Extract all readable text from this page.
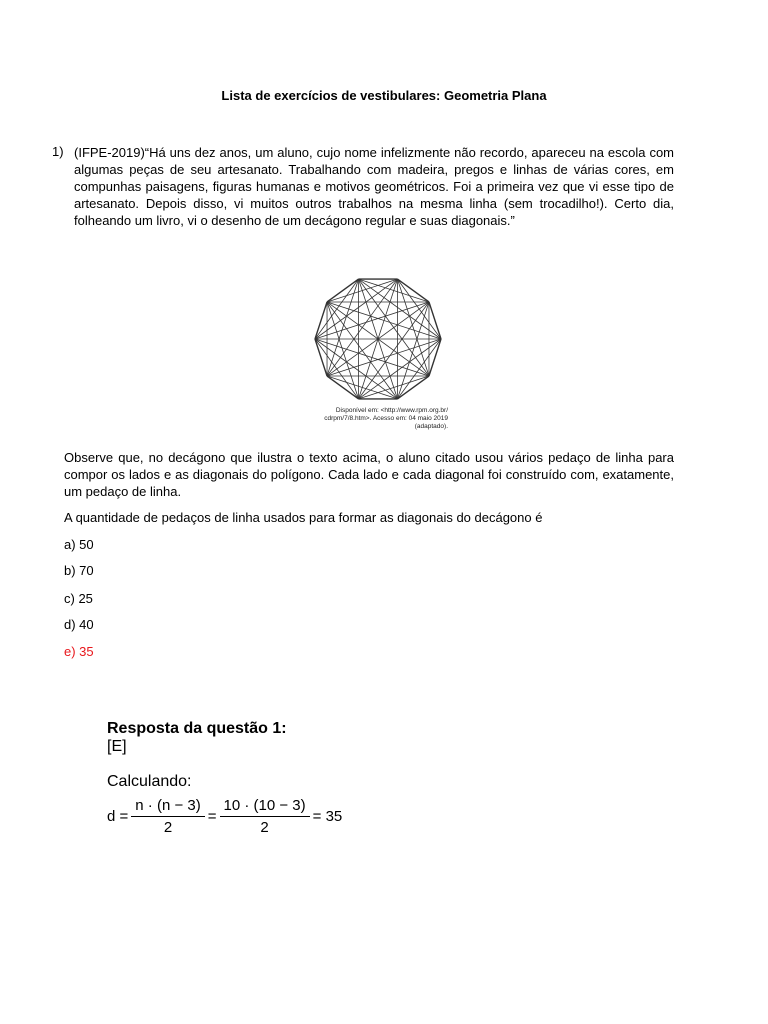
Lista de exercícios de vestibulares: Geometria Plana
1) (IFPE-2019)“Há uns dez anos, um aluno, cujo nome infelizmente não recordo, apareceu na escola com algumas peças de seu artesanato. Trabalhando com madeira, pregos e linhas de várias cores, em compunhas paisagens, figuras humanas e motivos geométricos. Foi a primeira vez que vi esse tipo de artesanato. Depois disso, vi muitos outros trabalhos na mesma linha (sem trocadilho!). Certo dia, folheando um livro, vi o desenho de um decágono regular e suas diagonais.”
Disponível em: <http://www.rpm.org.br/ cdrpm/7/8.htm>. Acesso em: 04 maio 2019 (adaptado).
Observe que, no decágono que ilustra o texto acima, o aluno citado usou vários pedaço de linha para compor os lados e as diagonais do polígono. Cada lado e cada diagonal foi construído com, exatamente, um pedaço de linha.
A quantidade de pedaços de linha usados para formar as diagonais do decágono é
a) 50
b) 70
c) 25
d) 40
e) 35
Resposta da questão 1:
[E]
Calculando:
$d = \frac{n \cdot (n - 3)}{2} = \frac{10 \cdot (10 - 3)}{2} = 35$
